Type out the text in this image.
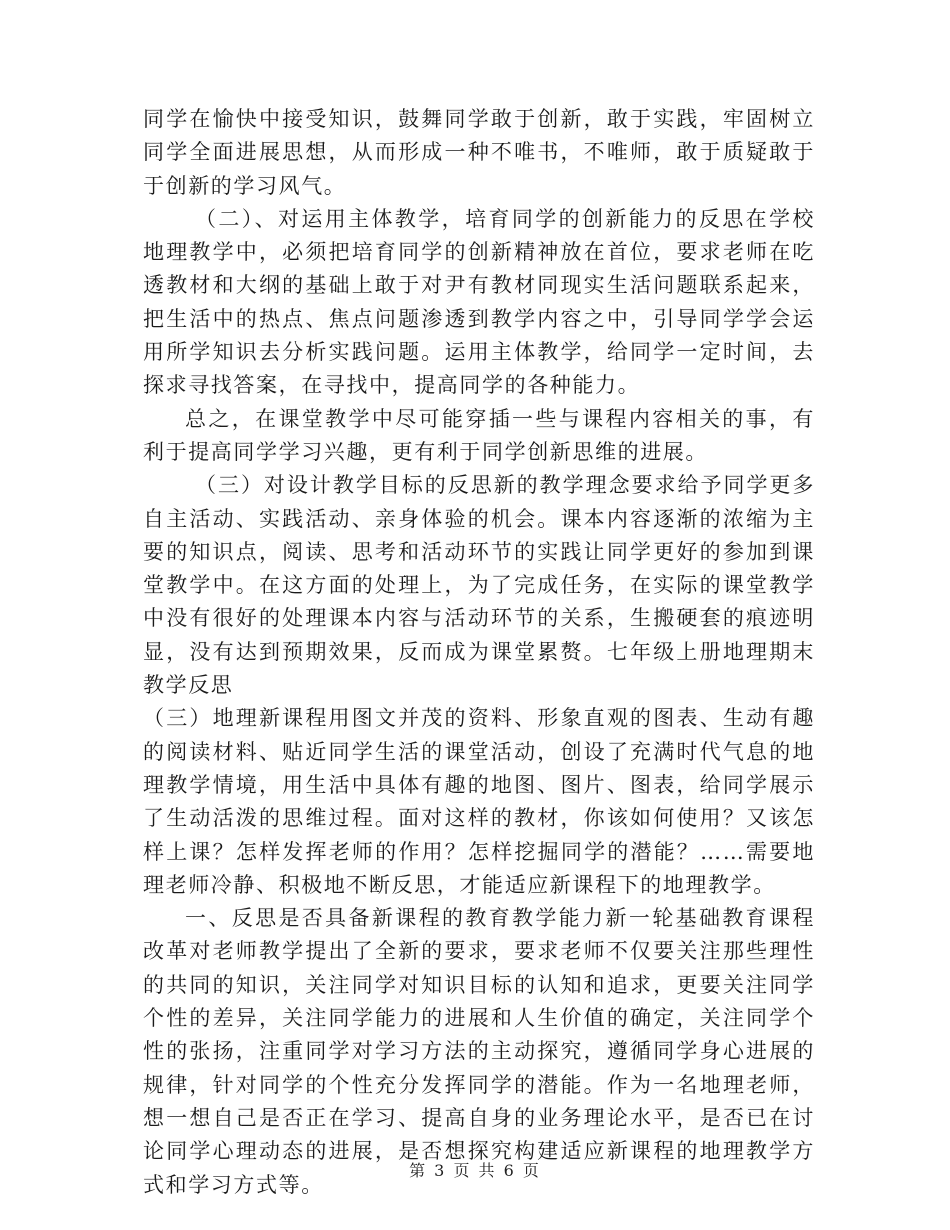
同学在愉快中接受知识，鼓舞同学敢于创新，敢于实践，牢固树立同学全面进展思想，从而形成一种不唯书，不唯师，敢于质疑敢于于创新的学习风气。

（二）、对运用主体教学，培育同学的创新能力的反思在学校地理教学中，必须把培育同学的创新精神放在首位，要求老师在吃透教材和大纲的基础上敢于对尹有教材同现实生活问题联系起来，把生活中的热点、焦点问题渗透到教学内容之中，引导同学学会运用所学知识去分析实践问题。运用主体教学，给同学一定时间，去探求寻找答案，在寻找中，提高同学的各种能力。

总之，在课堂教学中尽可能穿插一些与课程内容相关的事，有利于提高同学学习兴趣，更有利于同学创新思维的进展。

（三）对设计教学目标的反思新的教学理念要求给予同学更多自主活动、实践活动、亲身体验的机会。课本内容逐渐的浓缩为主要的知识点，阅读、思考和活动环节的实践让同学更好的参加到课堂教学中。在这方面的处理上，为了完成任务，在实际的课堂教学中没有很好的处理课本内容与活动环节的关系，生搬硬套的痕迹明显，没有达到预期效果，反而成为课堂累赘。七年级上册地理期末教学反思

（三）地理新课程用图文并茂的资料、形象直观的图表、生动有趣的阅读材料、贴近同学生活的课堂活动，创设了充满时代气息的地理教学情境，用生活中具体有趣的地图、图片、图表，给同学展示了生动活泼的思维过程。面对这样的教材，你该如何使用？又该怎样上课？怎样发挥老师的作用？怎样挖掘同学的潜能？……需要地理老师冷静、积极地不断反思，才能适应新课程下的地理教学。

一、反思是否具备新课程的教育教学能力新一轮基础教育课程改革对老师教学提出了全新的要求，要求老师不仅要关注那些理性的共同的知识，关注同学对知识目标的认知和追求，更要关注同学个性的差异，关注同学能力的进展和人生价值的确定，关注同学个性的张扬，注重同学对学习方法的主动探究，遵循同学身心进展的规律，针对同学的个性充分发挥同学的潜能。作为一名地理老师，想一想自己是否正在学习、提高自身的业务理论水平，是否已在讨论同学心理动态的进展，是否想探究构建适应新课程的地理教学方式和学习方式等。

第 3 页 共 6 页
